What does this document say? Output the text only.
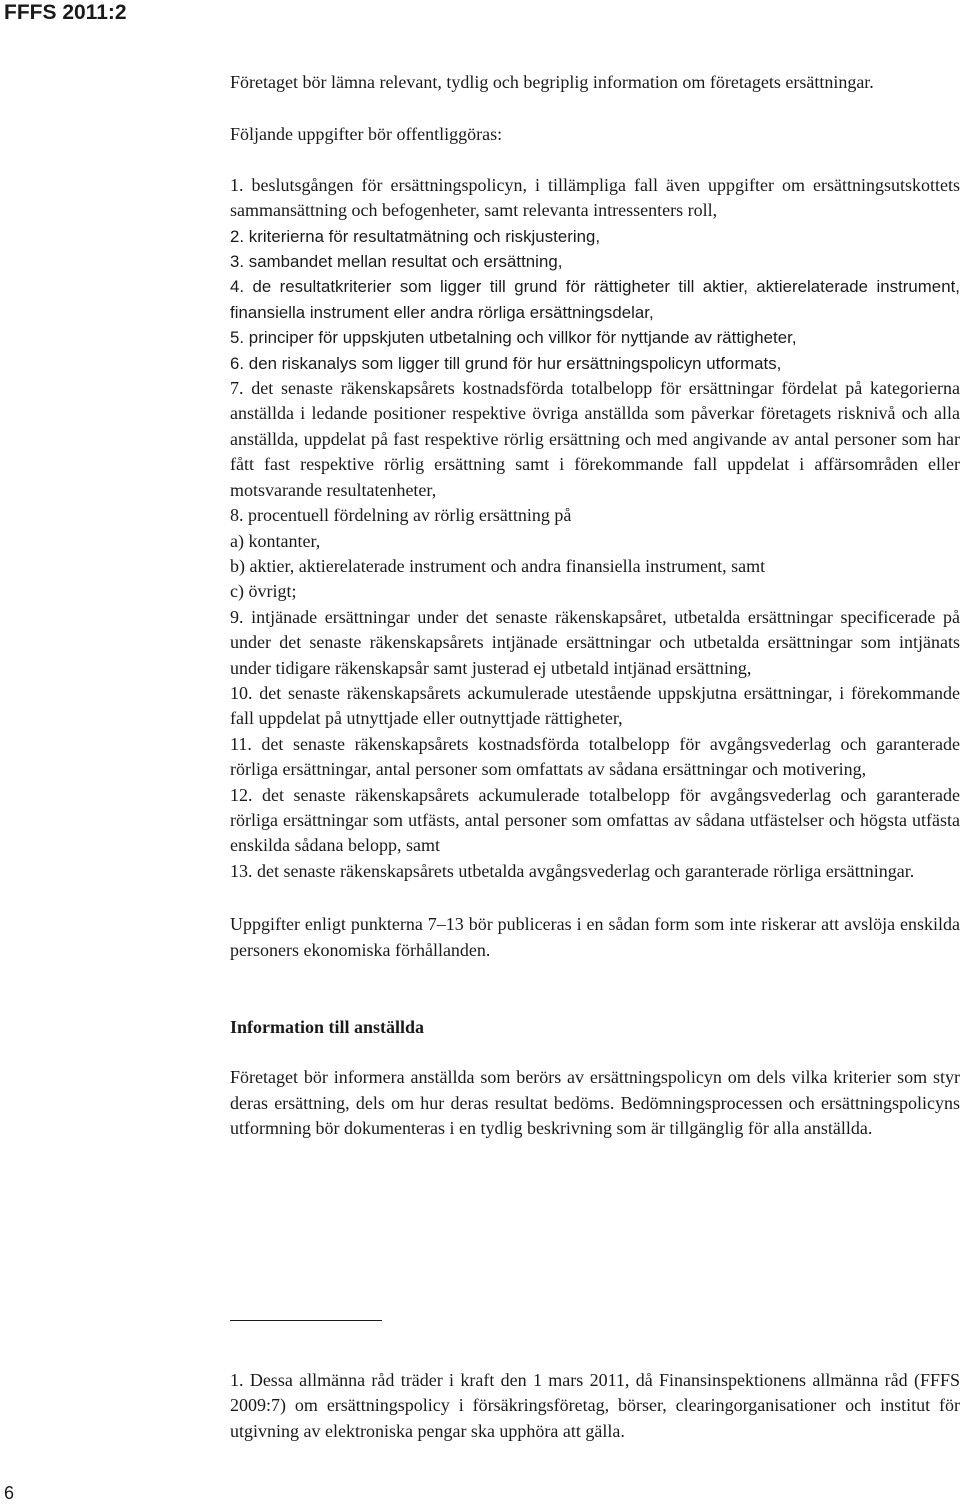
FFFS 2011:2

Företaget bör lämna relevant, tydlig och begriplig information om företagets ersättningar.

Följande uppgifter bör offentliggöras:

1. beslutsgången för ersättningspolicyn, i tillämpliga fall även uppgifter om ersättningsutskottets sammansättning och befogenheter, samt relevanta intressenters roll,

2. kriterierna för resultatmätning och riskjustering,

3. sambandet mellan resultat och ersättning,

4. de resultatkriterier som ligger till grund för rättigheter till aktier, aktierelaterade instrument, finansiella instrument eller andra rörliga ersättningsdelar,

5. principer för uppskjuten utbetalning och villkor för nyttjande av rättigheter,

6. den riskanalys som ligger till grund för hur ersättningspolicyn utformats,

7. det senaste räkenskapsårets kostnadsförda totalbelopp för ersättningar fördelat på kategorierna anställda i ledande positioner respektive övriga anställda som påverkar företagets risknivå och alla anställda, uppdelat på fast respektive rörlig ersättning och med angivande av antal personer som har fått fast respektive rörlig ersättning samt i förekommande fall uppdelat i affärsområden eller motsvarande resultatenheter,

8. procentuell fördelning av rörlig ersättning på

a) kontanter,

b) aktier, aktierelaterade instrument och andra finansiella instrument, samt

c) övrigt;

9. intjänade ersättningar under det senaste räkenskapsåret, utbetalda ersättningar specificerade på under det senaste räkenskapsårets intjänade ersättningar och utbetalda ersättningar som intjänats under tidigare räkenskapsår samt justerad ej utbetald intjänad ersättning,

10. det senaste räkenskapsårets ackumulerade utestående uppskjutna ersättningar, i förekommande fall uppdelat på utnyttjade eller outnyttjade rättigheter,

11. det senaste räkenskapsårets kostnadsförda totalbelopp för avgångsvederlag och garanterade rörliga ersättningar, antal personer som omfattats av sådana ersättningar och motivering,

12. det senaste räkenskapsårets ackumulerade totalbelopp för avgångsvederlag och garanterade rörliga ersättningar som utfästs, antal personer som omfattas av sådana utfästelser och högsta utfästa enskilda sådana belopp, samt

13. det senaste räkenskapsårets utbetalda avgångsvederlag och garanterade rörliga ersättningar.

Uppgifter enligt punkterna 7–13 bör publiceras i en sådan form som inte riskerar att avslöja enskilda personers ekonomiska förhållanden.

Information till anställda

Företaget bör informera anställda som berörs av ersättningspolicyn om dels vilka kriterier som styr deras ersättning, dels om hur deras resultat bedöms. Bedömningsprocessen och ersättningspolicyns utformning bör dokumenteras i en tydlig beskrivning som är tillgänglig för alla anställda.

1. Dessa allmänna råd träder i kraft den 1 mars 2011, då Finansinspektionens allmänna råd (FFFS 2009:7) om ersättningspolicy i försäkringsföretag, börser, clearingorganisationer och institut för utgivning av elektroniska pengar ska upphöra att gälla.

6
